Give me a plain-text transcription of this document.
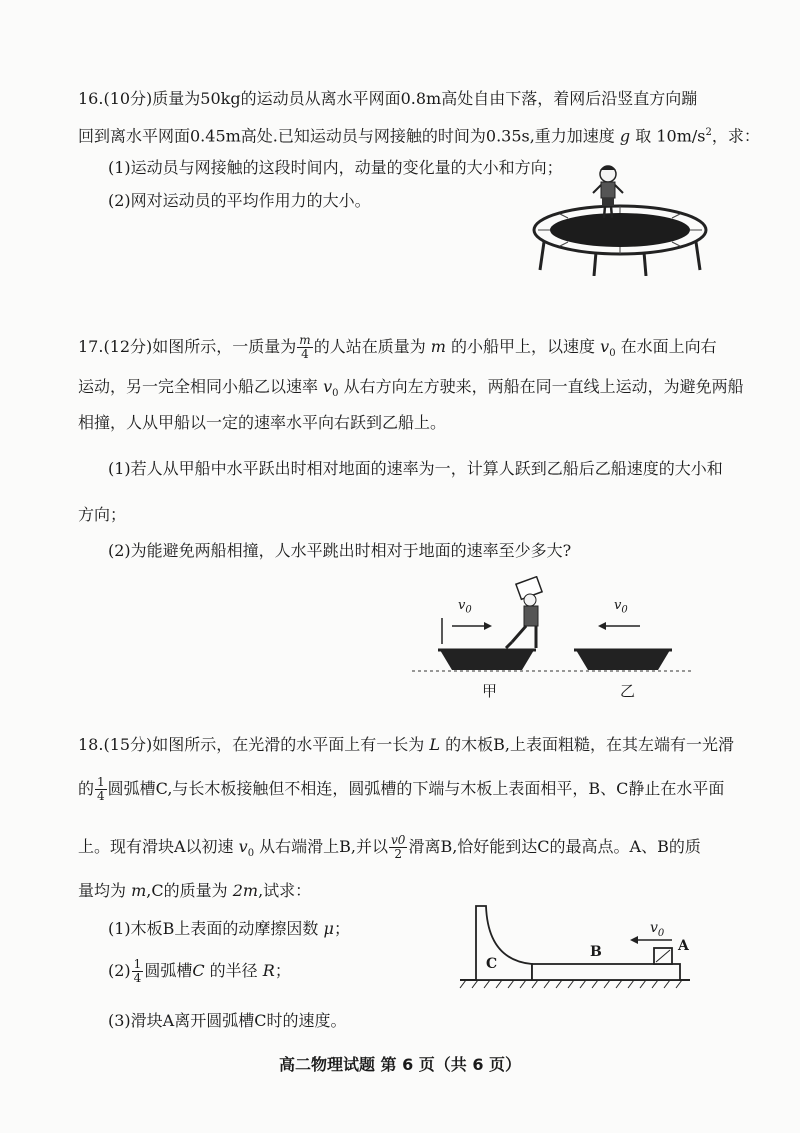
16.(10分)质量为50kg的运动员从离水平网面0.8m高处自由下落，着网后沿竖直方向蹦
回到离水平网面0.45m高处.已知运动员与网接触的时间为0.35s,重力加速度 g 取 $10m/s^2$，求：
(1)运动员与网接触的这段时间内，动量的变化量的大小和方向；
(2)网对运动员的平均作用力的大小。
17.(12分)如图所示，一质量为 $\frac{m}{4}$ 的人站在质量为 m 的小船甲上，以速度 $v_0$ 在水面上向右
运动，另一完全相同小船乙以速率 $v_0$ 从右方向左方驶来，两船在同一直线上运动，为避免两船
相撞，人从甲船以一定的速率水平向右跃到乙船上。
(1)若人从甲船中水平跃出时相对地面的速率为一，计算人跃到乙船后乙船速度的大小和
方向；
(2)为能避免两船相撞，人水平跳出时相对于地面的速率至少多大?
$v_0$	$v_0$
甲	乙
18.(15分)如图所示，在光滑的水平面上有一长为 L 的木板B,上表面粗糙，在其左端有一光滑
的 $\frac{1}{4}$ 圆弧槽C,与长木板接触但不相连，圆弧槽的下端与木板上表面相平，B、C静止在水平面
上。现有滑块A以初速 $v_0$ 从右端滑上B,并以 $\frac{v0}{2}$ 滑离B,恰好能到达C的最高点。A、B的质
量均为 m,C的质量为 2m,试求：
(1)木板B上表面的动摩擦因数 μ；
$(2) \frac{1}{4}$ 圆弧槽C 的半径 R；
(3)滑块A离开圆弧槽C时的速度。
C
B	A
$v_0$
高二物理试题 第 6 页（共 6 页）
